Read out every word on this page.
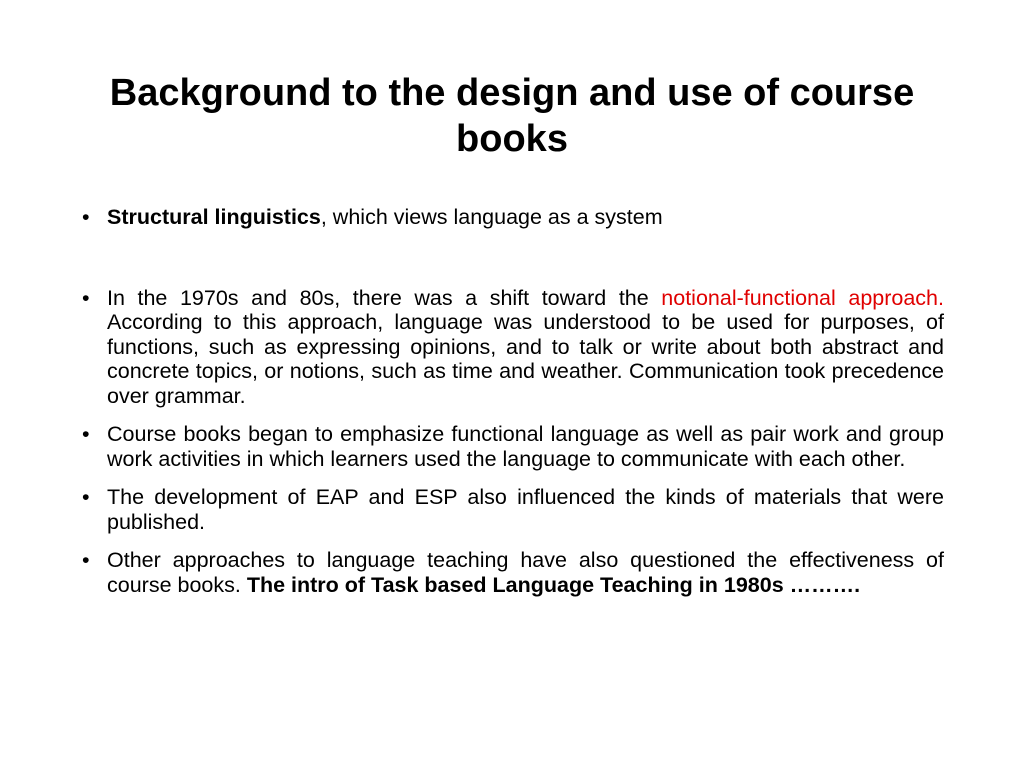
Background to the design and use of course books
• Structural linguistics, which views language as a system
• In the 1970s and 80s, there was a shift toward the notional-functional approach. According to this approach, language was understood to be used for purposes, of functions, such as expressing opinions, and to talk or write about both abstract and concrete topics, or notions, such as time and weather. Communication took precedence over grammar.
• Course books began to emphasize functional language as well as pair work and group work activities in which learners used the language to communicate with each other.
• The development of EAP and ESP also influenced the kinds of materials that were published.
• Other approaches to language teaching have also questioned the effectiveness of course books. The intro of Task based Language Teaching in 1980s ……….
